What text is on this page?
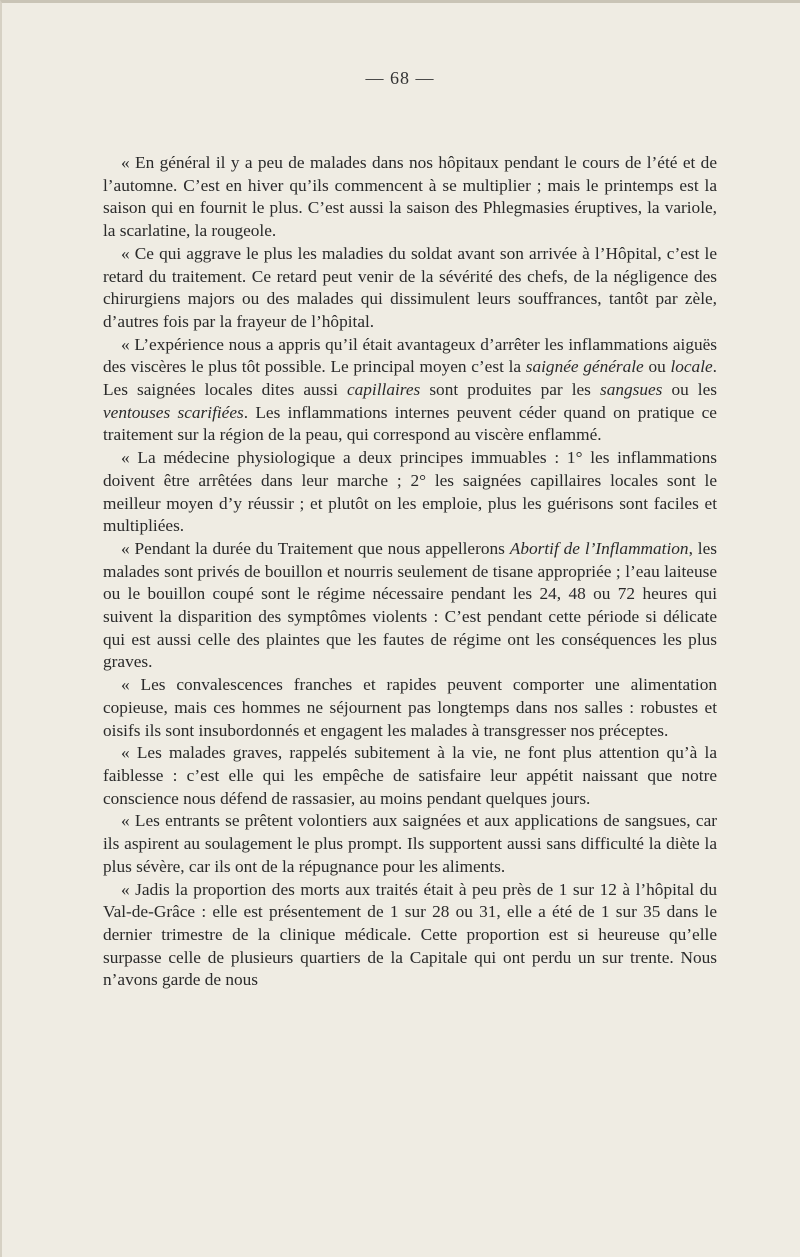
— 68 —

« En général il y a peu de malades dans nos hôpitaux pendant le cours de l’été et de l’automne. C’est en hiver qu’ils commencent à se multiplier ; mais le printemps est la saison qui en fournit le plus. C’est aussi la saison des Phlegmasies éruptives, la variole, la scarlatine, la rougeole.

« Ce qui aggrave le plus les maladies du soldat avant son arrivée à l’Hôpital, c’est le retard du traitement. Ce retard peut venir de la sévérité des chefs, de la négligence des chirurgiens majors ou des malades qui dissimulent leurs souffrances, tantôt par zèle, d’autres fois par la frayeur de l’hôpital.

« L’expérience nous a appris qu’il était avantageux d’arrêter les inflammations aiguës des viscères le plus tôt possible. Le principal moyen c’est la saignée générale ou locale. Les saignées locales dites aussi capillaires sont produites par les sangsues ou les ventouses scarifiées. Les inflammations internes peuvent céder quand on pratique ce traitement sur la région de la peau, qui correspond au viscère enflammé.

« La médecine physiologique a deux principes immuables : 1° les inflammations doivent être arrêtées dans leur marche ; 2° les saignées capillaires locales sont le meilleur moyen d’y réussir ; et plutôt on les emploie, plus les guérisons sont faciles et multipliées.

« Pendant la durée du Traitement que nous appellerons Abortif de l’Inflammation, les malades sont privés de bouillon et nourris seulement de tisane appropriée ; l’eau laiteuse ou le bouillon coupé sont le régime nécessaire pendant les 24, 48 ou 72 heures qui suivent la disparition des symptômes violents : C’est pendant cette période si délicate qui est aussi celle des plaintes que les fautes de régime ont les conséquences les plus graves.

« Les convalescences franches et rapides peuvent comporter une alimentation copieuse, mais ces hommes ne séjournent pas longtemps dans nos salles : robustes et oisifs ils sont insubordonnés et engagent les malades à transgresser nos préceptes.

« Les malades graves, rappelés subitement à la vie, ne font plus attention qu’à la faiblesse : c’est elle qui les empêche de satisfaire leur appétit naissant que notre conscience nous défend de rassasier, au moins pendant quelques jours.

« Les entrants se prêtent volontiers aux saignées et aux applications de sangsues, car ils aspirent au soulagement le plus prompt. Ils supportent aussi sans difficulté la diète la plus sévère, car ils ont de la répugnance pour les aliments.

« Jadis la proportion des morts aux traités était à peu près de 1 sur 12 à l’hôpital du Val-de-Grâce : elle est présentement de 1 sur 28 ou 31, elle a été de 1 sur 35 dans le dernier trimestre de la clinique médicale. Cette proportion est si heureuse qu’elle surpasse celle de plusieurs quartiers de la Capitale qui ont perdu un sur trente. Nous n’avons garde de nous
